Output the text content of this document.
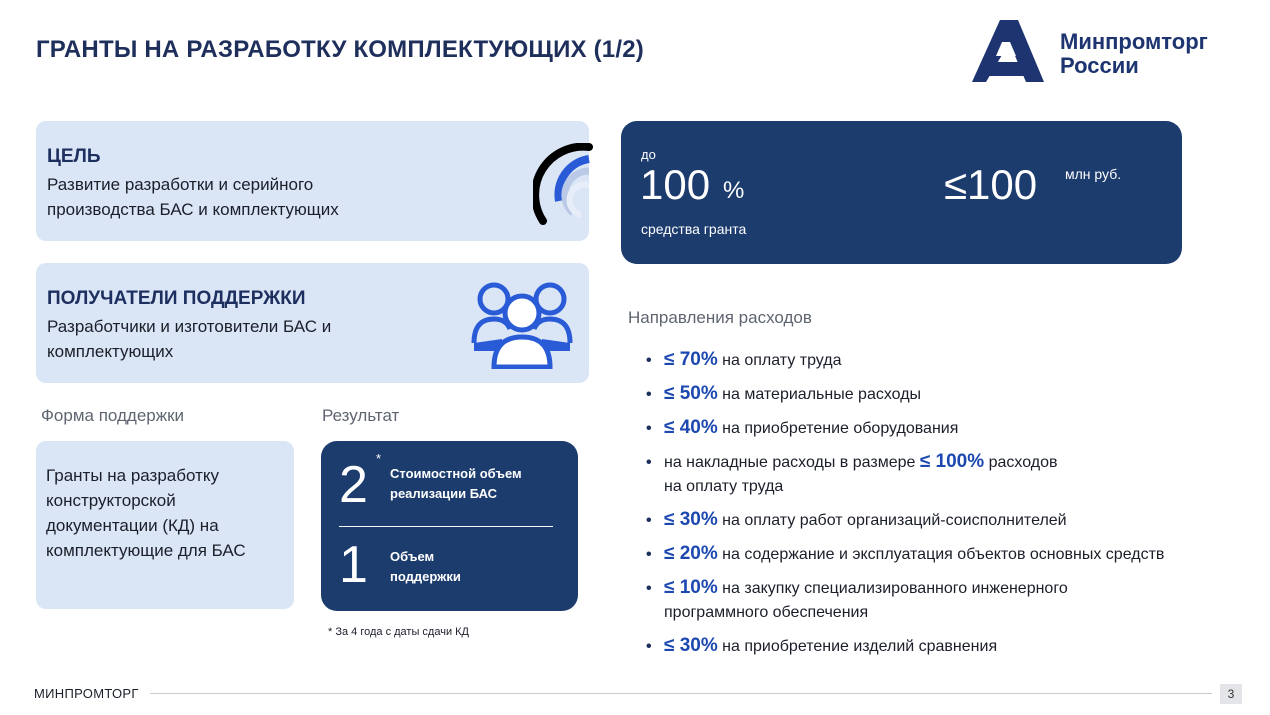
ГРАНТЫ НА РАЗРАБОТКУ КОМПЛЕКТУЮЩИХ (1/2)	Минпромторг
России
ЦЕЛЬ
Развитие разработки и серийного производства БАС и комплектующих
ПОЛУЧАТЕЛИ ПОДДЕРЖКИ
Разработчики и изготовители БАС и комплектующих
до
100 %
средства гранта
≤100 млн руб.
Форма поддержки	Результат
Направления расходов
Гранты на разработку конструкторской документации (КД) на комплектующие для БАС
2 *
Стоимостной объем реализации БАС
1 Объем поддержки
* За 4 года с даты сдачи КД
• ≤ 70% на оплату труда
• ≤ 50% на материальные расходы
• ≤ 40% на приобретение оборудования
• на накладные расходы в размере ≤ 100% расходов
на оплату труда
• ≤ 30% на оплату работ организаций-соисполнителей
• ≤ 20% на содержание и эксплуатация объектов основных средств
• ≤ 10% на закупку специализированного инженерного
программного обеспечения
• ≤ 30% на приобретение изделий сравнения
МИНПРОМТОРГ	3
